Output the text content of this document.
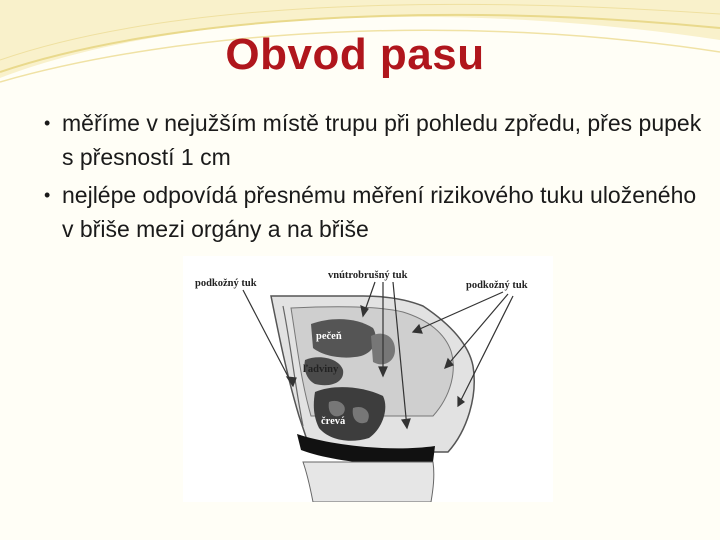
Obvod pasu
• měříme v nejužším místě trupu při pohledu zpředu, přes pupek s přesností 1 cm
• nejlépe odpovídá přesnému měření rizikového tuku uloženého v břiše mezi orgány a na břiše
podkožný tuk
vnútrobrušný tuk
podkožný tuk
pečeň
ľadviny
črevá
